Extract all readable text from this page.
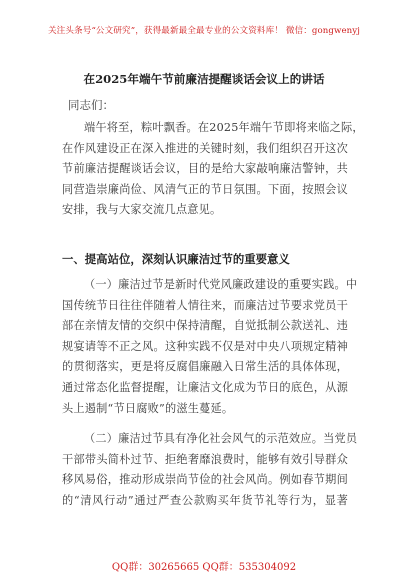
关注头条号“公文研究”，获得最新最全最专业的公文资料库！ 微信：gongwenyj
在2025年端午节前廉洁提醒谈话会议上的讲话
同志们：
端午将至，粽叶飘香。在2025年端午节即将来临之际，
在作风建设正在深入推进的关键时刻，我们组织召开这次
节前廉洁提醒谈话会议，目的是给大家敲响廉洁警钟，共
同营造崇廉尚俭、风清气正的节日氛围。下面，按照会议
安排，我与大家交流几点意见。
一、提高站位，深刻认识廉洁过节的重要意义
（一）廉洁过节是新时代党风廉政建设的重要实践。中
国传统节日往往伴随着人情往来，而廉洁过节要求党员干
部在亲情友情的交织中保持清醒，自觉抵制公款送礼、违
规宴请等不正之风。这种实践不仅是对中央八项规定精神
的贯彻落实，更是将反腐倡廉融入日常生活的具体体现，
通过常态化监督提醒，让廉洁文化成为节日的底色，从源
头上遏制“节日腐败”的滋生蔓延。
（二）廉洁过节具有净化社会风气的示范效应。当党员
干部带头简朴过节、拒绝奢靡浪费时，能够有效引导群众
移风易俗，推动形成崇尚节俭的社会风尚。例如春节期间
的“清风行动”通过严查公款购买年货节礼等行为，显著
QQ群：30265665 QQ群：535304092
